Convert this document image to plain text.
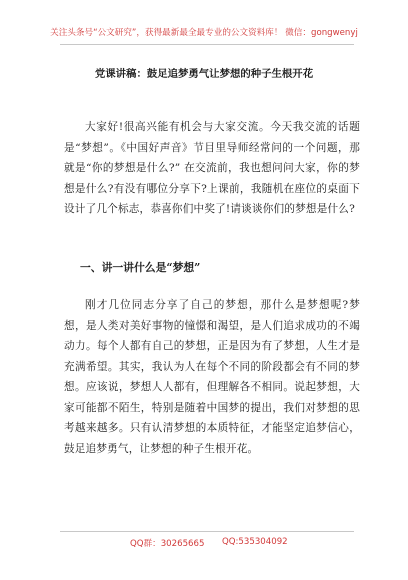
关注头条号“公文研究”，获得最新最全最专业的公文资料库！ 微信：gongwenyj
党课讲稿：鼓足追梦勇气让梦想的种子生根开花

大家好!很高兴能有机会与大家交流。今天我交流的话题是“梦想”。《中国好声音》节目里导师经常问的一个问题，那就是“你的梦想是什么?” 在交流前，我也想问问大家，你的梦想是什么?有没有哪位分享下?上课前，我随机在座位的桌面下设计了几个标志，恭喜你们中奖了!请谈谈你们的梦想是什么?

一、讲一讲什么是“梦想”

刚才几位同志分享了自己的梦想，那什么是梦想呢?梦想，是人类对美好事物的憧憬和渴望，是人们追求成功的不竭动力。每个人都有自己的梦想，正是因为有了梦想，人生才是充满希望。其实，我认为人在每个不同的阶段都会有不同的梦想。应该说，梦想人人都有，但理解各不相同。说起梦想，大家可能都不陌生，特别是随着中国梦的提出，我们对梦想的思考越来越多。只有认清梦想的本质特征，才能坚定追梦信心，鼓足追梦勇气，让梦想的种子生根开花。

QQ群：30265665 QQ:535304092
